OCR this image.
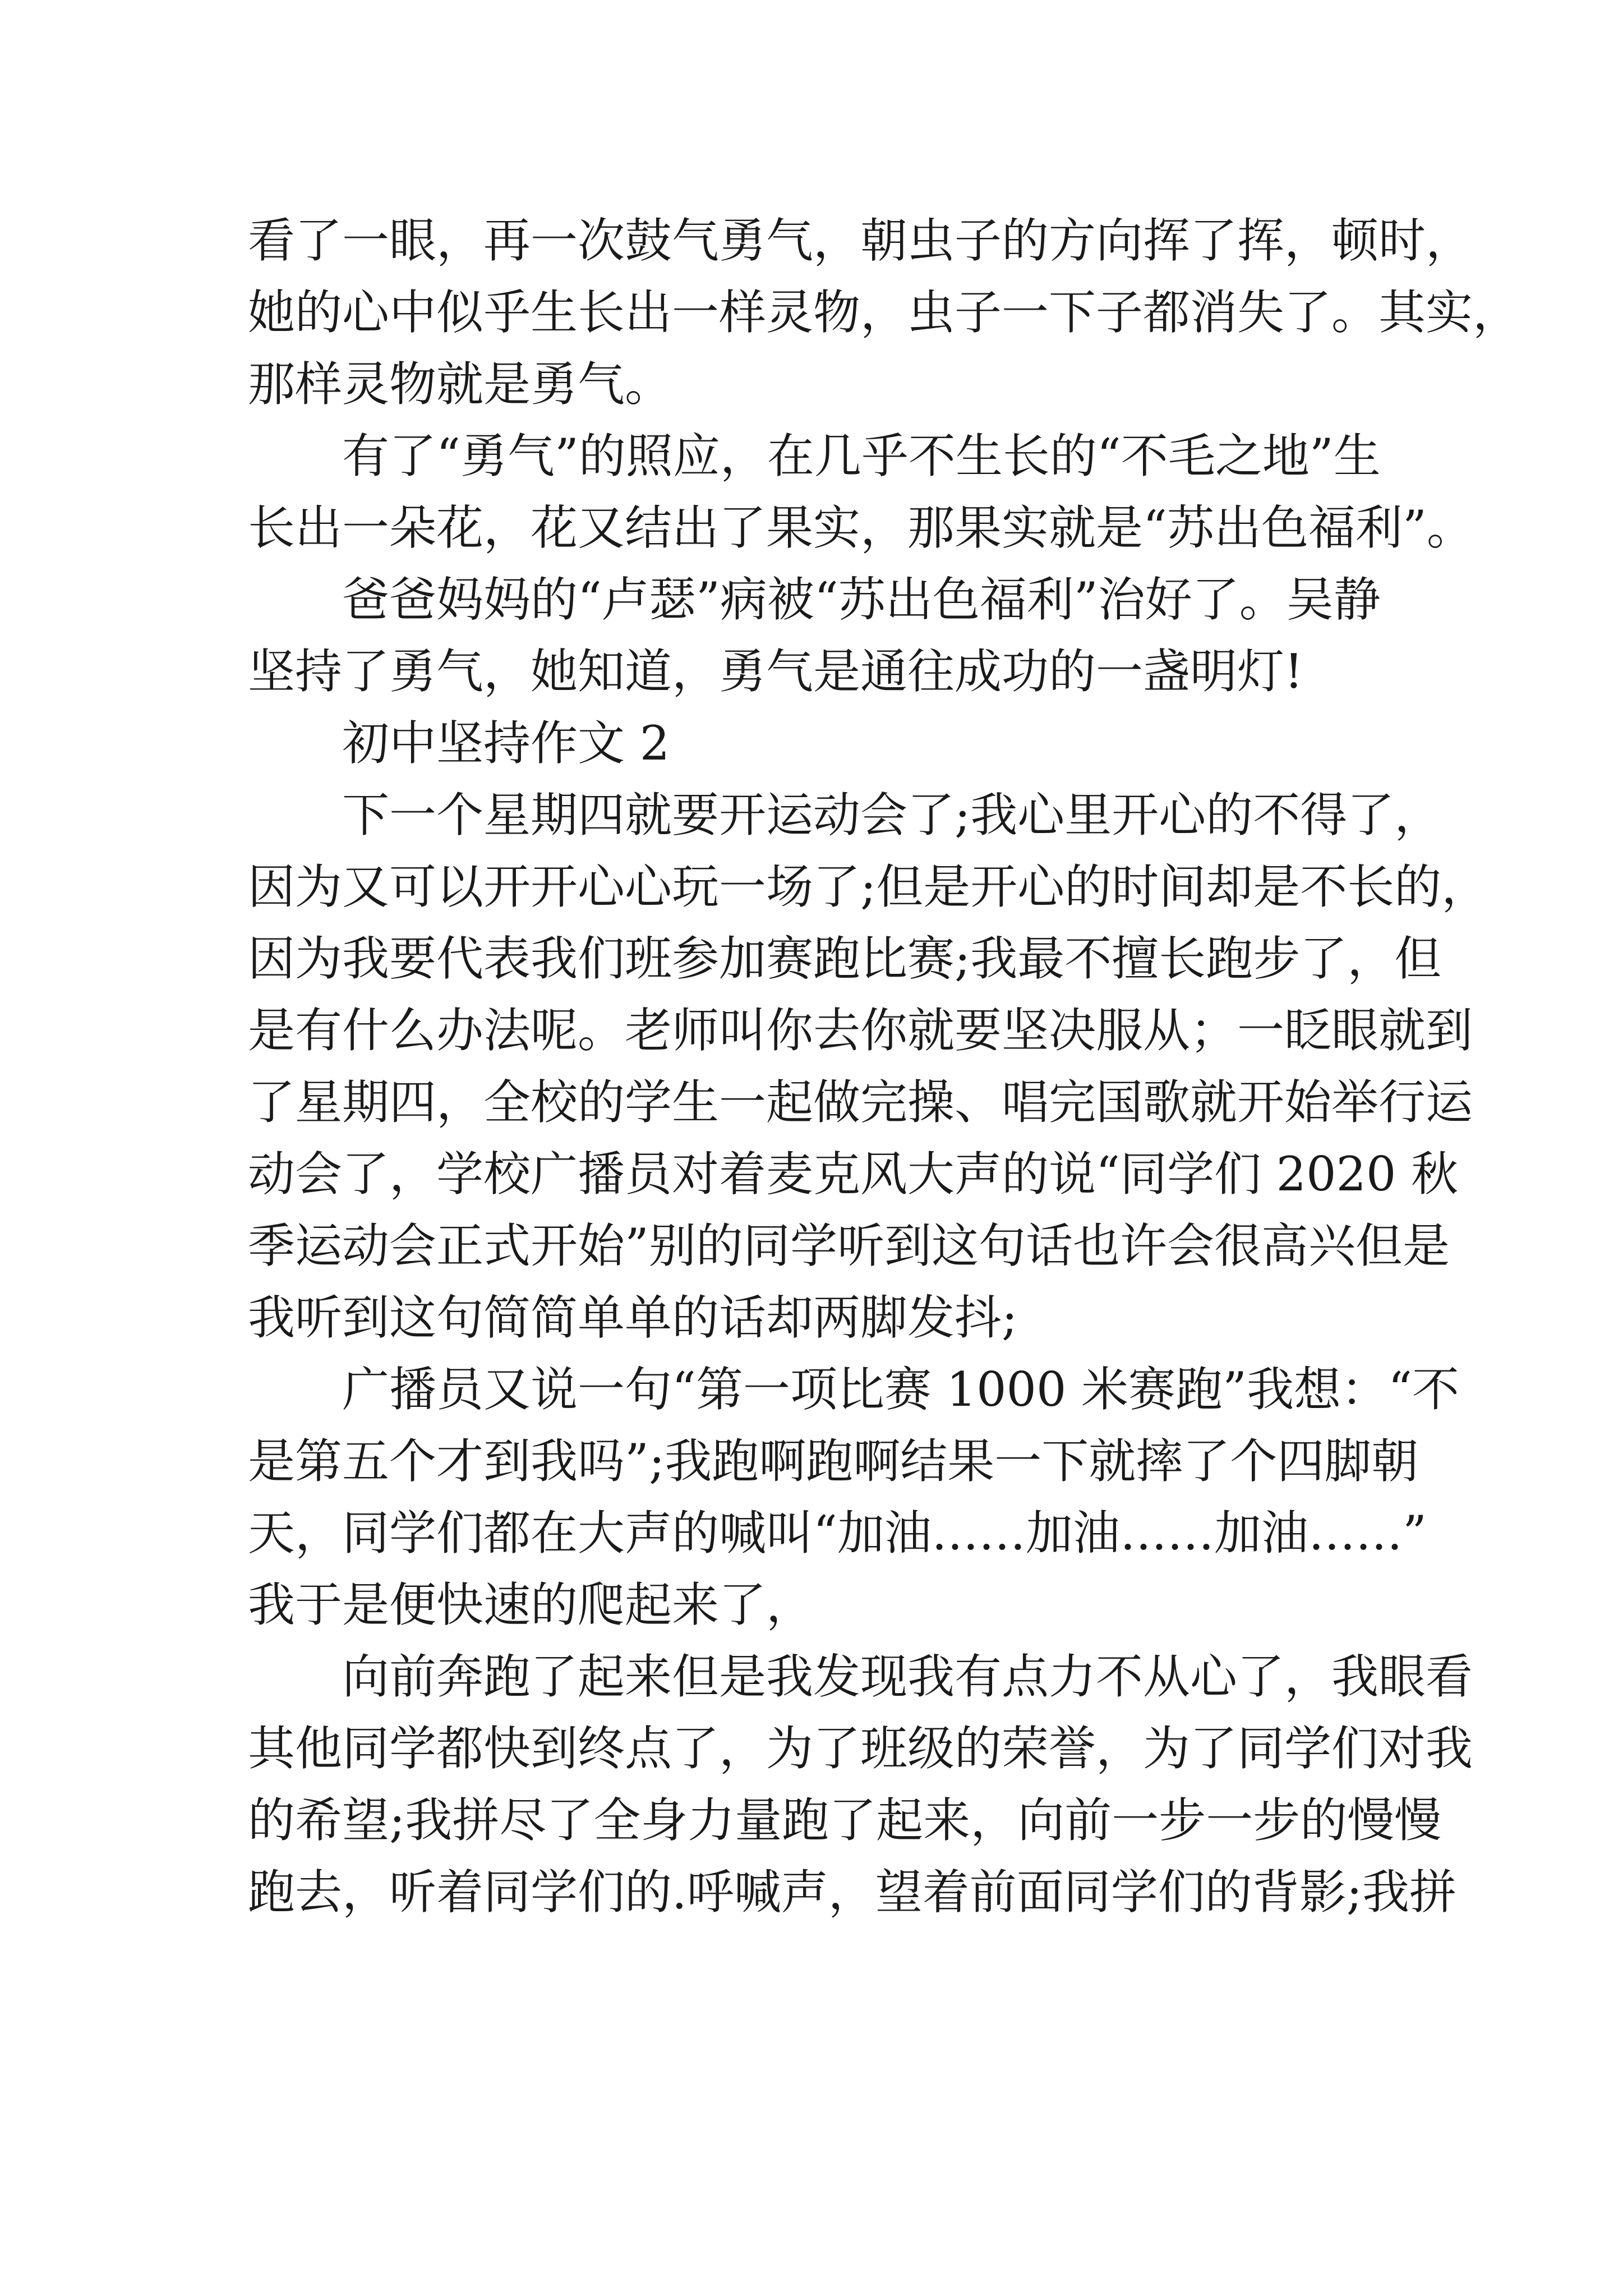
看了一眼，再一次鼓气勇气，朝虫子的方向挥了挥，顿时，
她的心中似乎生长出一样灵物，虫子一下子都消失了。其实，
那样灵物就是勇气。
有了“勇气”的照应，在几乎不生长的“不毛之地”生
长出一朵花，花又结出了果实，那果实就是“苏出色福利”。
爸爸妈妈的“卢瑟”病被“苏出色福利”治好了。吴静
坚持了勇气，她知道，勇气是通往成功的一盏明灯!
初中坚持作文 2
下一个星期四就要开运动会了;我心里开心的不得了，
因为又可以开开心心玩一场了;但是开心的时间却是不长的，
因为我要代表我们班参加赛跑比赛;我最不擅长跑步了，但
是有什么办法呢。老师叫你去你就要坚决服从；一眨眼就到
了星期四，全校的学生一起做完操、唱完国歌就开始举行运
动会了，学校广播员对着麦克风大声的说“同学们 2020 秋
季运动会正式开始”别的同学听到这句话也许会很高兴但是
我听到这句简简单单的话却两脚发抖;
广播员又说一句“第一项比赛 1000 米赛跑”我想：“不
是第五个才到我吗”;我跑啊跑啊结果一下就摔了个四脚朝
天，同学们都在大声的喊叫“加油……加油……加油……”
我于是便快速的爬起来了，
向前奔跑了起来但是我发现我有点力不从心了，我眼看
其他同学都快到终点了，为了班级的荣誉，为了同学们对我
的希望;我拼尽了全身力量跑了起来，向前一步一步的慢慢
跑去，听着同学们的.呼喊声，望着前面同学们的背影;我拼
